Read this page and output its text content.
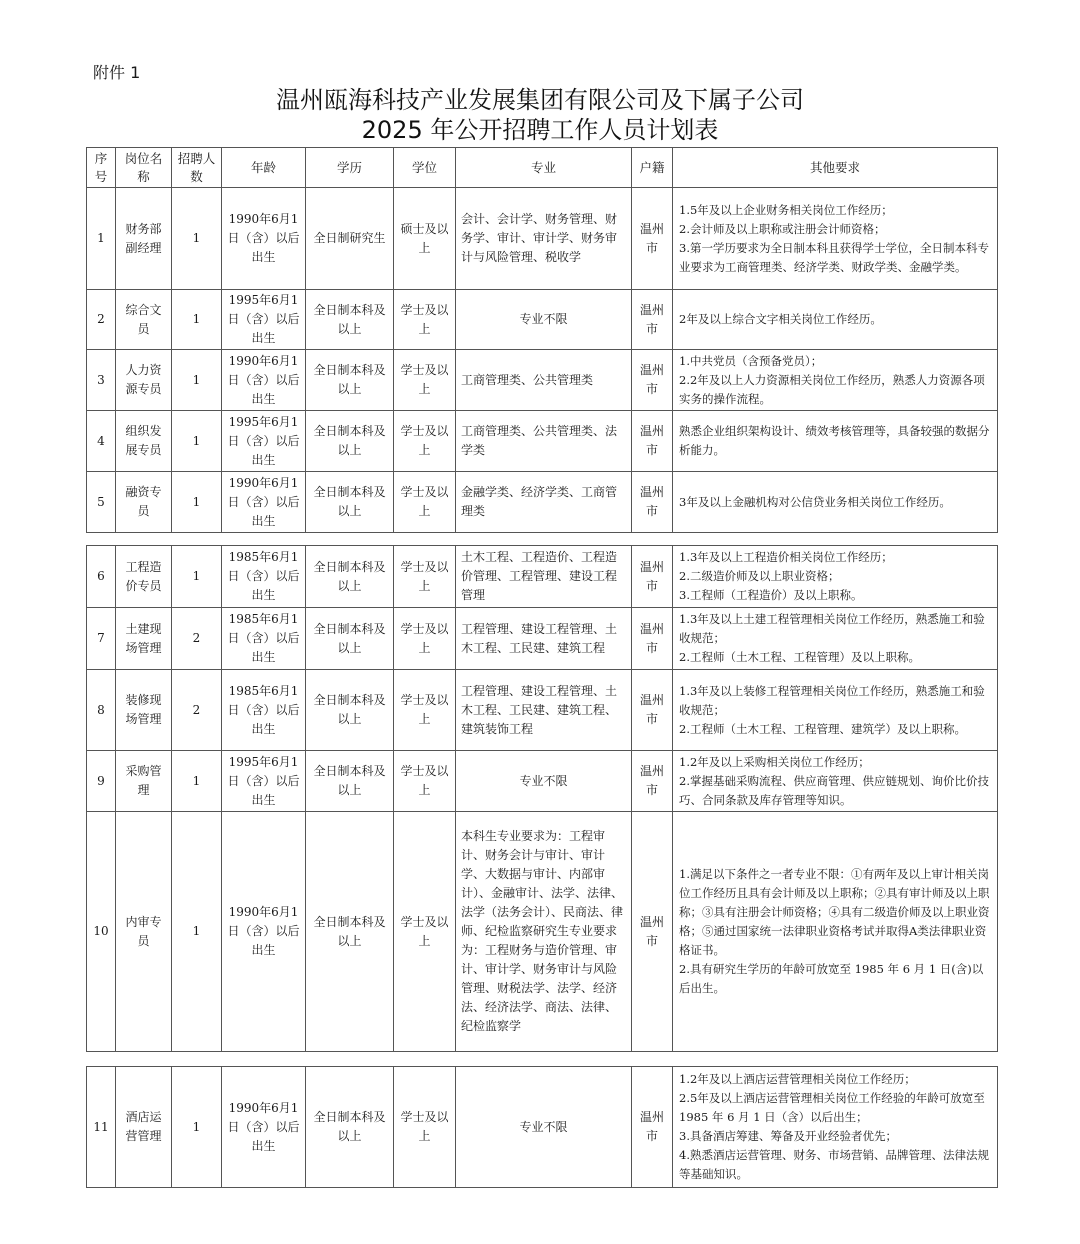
附件 1
温州瓯海科技产业发展集团有限公司及下属子公司
2025 年公开招聘工作人员计划表
序号	岗位名称	招聘人数	年龄	学历	学位	专业	户籍	其他要求
1	财务部副经理	1	1990年6月1日（含）以后出生	全日制研究生	硕士及以上	会计、会计学、财务管理、财务学、审计、审计学、财务审计与风险管理、税收学	温州市	1.5年及以上企业财务相关岗位工作经历；
2.会计师及以上职称或注册会计师资格；
3.第一学历要求为全日制本科且获得学士学位，全日制本科专业要求为工商管理类、经济学类、财政学类、金融学类。

2	综合文员	1	1995年6月1日（含）以后出生	全日制本科及以上	学士及以上	专业不限	温州市	2年及以上综合文字相关岗位工作经历。

3	人力资源专员	1	1990年6月1日（含）以后出生	全日制本科及以上	学士及以上	工商管理类、公共管理类	温州市	1.中共党员（含预备党员）；
2.2年及以上人力资源相关岗位工作经历，熟悉人力资源各项实务的操作流程。

4	组织发展专员	1	1995年6月1日（含）以后出生	全日制本科及以上	学士及以上	工商管理类、公共管理类、法学类	温州市	熟悉企业组织架构设计、绩效考核管理等，具备较强的数据分析能力。

5	融资专员	1	1990年6月1日（含）以后出生	全日制本科及以上	学士及以上	金融学类、经济学类、工商管理类	温州市	3年及以上金融机构对公信贷业务相关岗位工作经历。
6	工程造价专员	1	1985年6月1日（含）以后出生	全日制本科及以上	学士及以上	土木工程、工程造价、工程造价管理、工程管理、建设工程管理	温州市	1.3年及以上工程造价相关岗位工作经历；
2.二级造价师及以上职业资格；
3.工程师（工程造价）及以上职称。

7	土建现场管理	2	1985年6月1日（含）以后出生	全日制本科及以上	学士及以上	工程管理、建设工程管理、土木工程、工民建、建筑工程	温州市	1.3年及以上土建工程管理相关岗位工作经历，熟悉施工和验收规范；
2.工程师（土木工程、工程管理）及以上职称。

8	装修现场管理	2	1985年6月1日（含）以后出生	全日制本科及以上	学士及以上	工程管理、建设工程管理、土木工程、工民建、建筑工程、建筑装饰工程	温州市	1.3年及以上装修工程管理相关岗位工作经历，熟悉施工和验收规范；
2.工程师（土木工程、工程管理、建筑学）及以上职称。

9	采购管理	1	1995年6月1日（含）以后出生	全日制本科及以上	学士及以上	专业不限	温州市	1.2年及以上采购相关岗位工作经历；
2.掌握基础采购流程、供应商管理、供应链规划、询价比价技巧、合同条款及库存管理等知识。

10	内审专员	1	1990年6月1日（含）以后出生	全日制本科及以上	学士及以上	本科生专业要求为：工程审计、财务会计与审计、审计学、大数据与审计、内部审计）、金融审计、法学、法律、法学（法务会计）、民商法、律师、纪检监察研究生专业要求为：工程财务与造价管理、审计、审计学、财务审计与风险管理、财税法学、法学、经济法、经济法学、商法、法律、纪检监察学	温州市	1.满足以下条件之一者专业不限：①有两年及以上审计相关岗位工作经历且具有会计师及以上职称；②具有审计师及以上职称；③具有注册会计师资格；④具有二级造价师及以上职业资格；⑤通过国家统一法律职业资格考试并取得A类法律职业资格证书。
2.具有研究生学历的年龄可放宽至 1985 年 6 月 1 日(含)以后出生。
11	酒店运营管理	1	1990年6月1日（含）以后出生	全日制本科及以上	学士及以上	专业不限	温州市	
1.2年及以上酒店运营管理相关岗位工作经历；
2.5年及以上酒店运营管理相关岗位工作经验的年龄可放宽至 1985 年 6 月 1 日（含）以后出生；
3.具备酒店筹建、筹备及开业经验者优先；
4.熟悉酒店运营管理、财务、市场营销、品牌管理、法律法规等基础知识。
